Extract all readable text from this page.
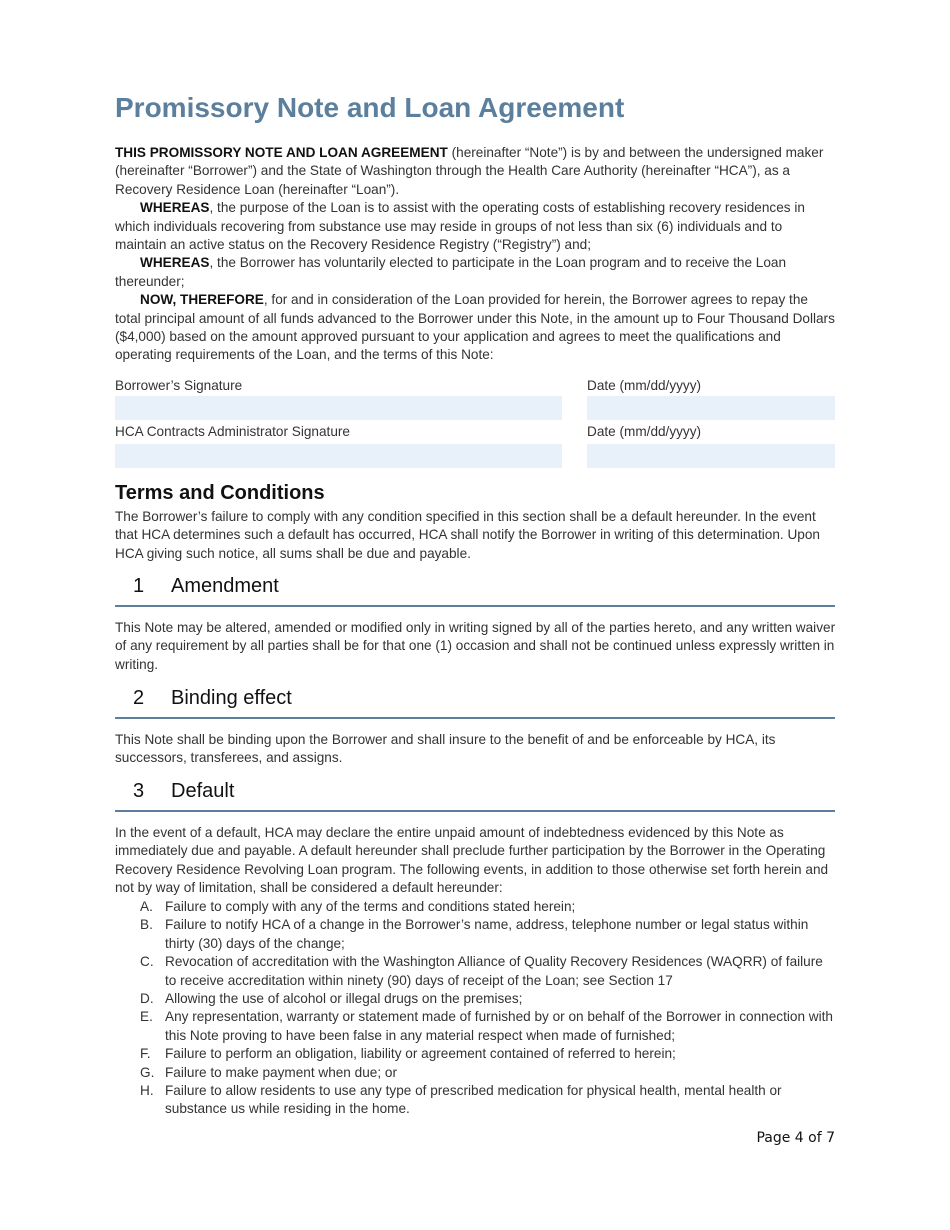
Promissory Note and Loan Agreement

THIS PROMISSORY NOTE AND LOAN AGREEMENT (hereinafter “Note”) is by and between the undersigned maker (hereinafter “Borrower”) and the State of Washington through the Health Care Authority (hereinafter “HCA”), as a Recovery Residence Loan (hereinafter “Loan”).

WHEREAS, the purpose of the Loan is to assist with the operating costs of establishing recovery residences in which individuals recovering from substance use may reside in groups of not less than six (6) individuals and to maintain an active status on the Recovery Residence Registry (“Registry”) and;

WHEREAS, the Borrower has voluntarily elected to participate in the Loan program and to receive the Loan thereunder;

NOW, THEREFORE, for and in consideration of the Loan provided for herein, the Borrower agrees to repay the total principal amount of all funds advanced to the Borrower under this Note, in the amount up to Four Thousand Dollars ($4,000) based on the amount approved pursuant to your application and agrees to meet the qualifications and operating requirements of the Loan, and the terms of this Note:

Borrower’s Signature	Date (mm/dd/yyyy)
HCA Contracts Administrator Signature	Date (mm/dd/yyyy)
Terms and Conditions

The Borrower’s failure to comply with any condition specified in this section shall be a default hereunder. In the event that HCA determines such a default has occurred, HCA shall notify the Borrower in writing of this determination. Upon HCA giving such notice, all sums shall be due and payable.

1 Amendment

This Note may be altered, amended or modified only in writing signed by all of the parties hereto, and any written waiver of any requirement by all parties shall be for that one (1) occasion and shall not be continued unless expressly written in writing.

2 Binding effect

This Note shall be binding upon the Borrower and shall insure to the benefit of and be enforceable by HCA, its successors, transferees, and assigns.

3 Default

In the event of a default, HCA may declare the entire unpaid amount of indebtedness evidenced by this Note as immediately due and payable. A default hereunder shall preclude further participation by the Borrower in the Operating Recovery Residence Revolving Loan program. The following events, in addition to those otherwise set forth herein and not by way of limitation, shall be considered a default hereunder:

A. Failure to comply with any of the terms and conditions stated herein;
B. Failure to notify HCA of a change in the Borrower’s name, address, telephone number or legal status within thirty (30) days of the change;
C. Revocation of accreditation with the Washington Alliance of Quality Recovery Residences (WAQRR) of failure to receive accreditation within ninety (90) days of receipt of the Loan; see Section 17
D. Allowing the use of alcohol or illegal drugs on the premises;
E. Any representation, warranty or statement made of furnished by or on behalf of the Borrower in connection with this Note proving to have been false in any material respect when made of furnished;
F. Failure to perform an obligation, liability or agreement contained of referred to herein;
G. Failure to make payment when due; or
H. Failure to allow residents to use any type of prescribed medication for physical health, mental health or substance us while residing in the home.
Page 4 of 7
